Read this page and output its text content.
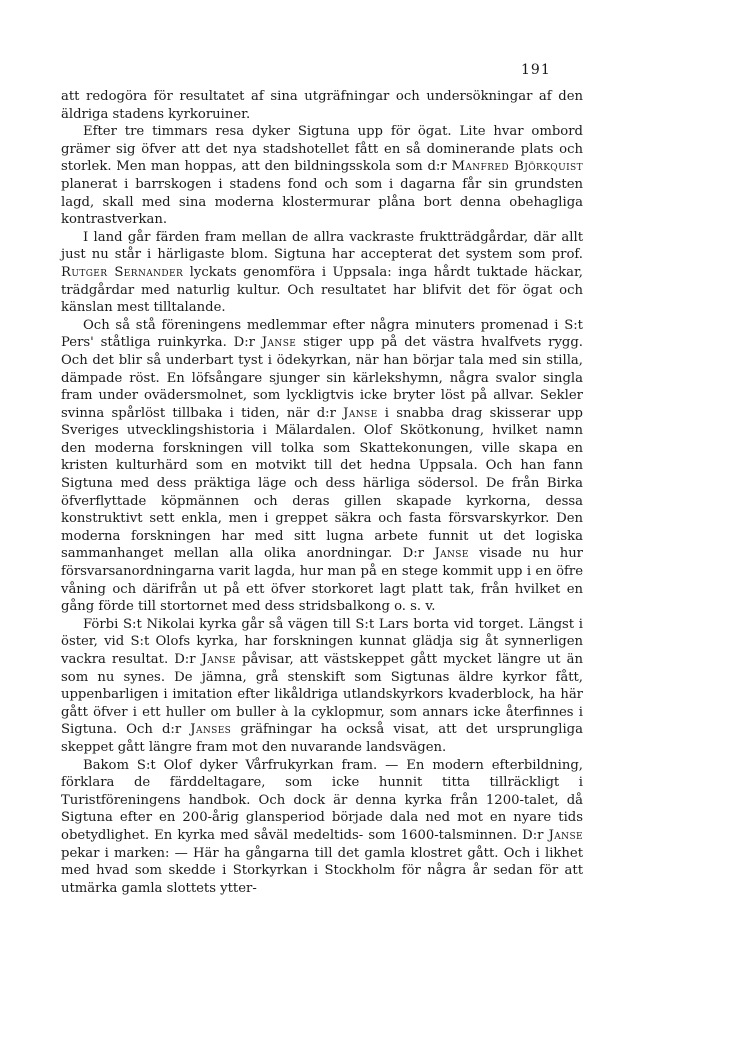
191

att redogöra för resultatet af sina utgräfningar och undersökningar af den äldriga stadens kyrkoruiner.

Efter tre timmars resa dyker Sigtuna upp för ögat. Lite hvar ombord grämer sig öfver att det nya stadshotellet fått en så dominerande plats och storlek. Men man hoppas, att den bildningsskola som d:r Manfred Björkquist planerat i barrskogen i stadens fond och som i dagarna får sin grundsten lagd, skall med sina moderna klostermurar plåna bort denna obehagliga kontrastverkan.

I land går färden fram mellan de allra vackraste fruktträdgårdar, där allt just nu står i härligaste blom. Sigtuna har accepterat det system som prof. Rutger Sernander lyckats genomföra i Uppsala: inga hårdt tuktade häckar, trädgårdar med naturlig kultur. Och resultatet har blifvit det för ögat och känslan mest tilltalande.

Och så stå föreningens medlemmar efter några minuters promenad i S:t Pers' ståtliga ruinkyrka. D:r Janse stiger upp på det västra hvalfvets rygg. Och det blir så underbart tyst i ödekyrkan, när han börjar tala med sin stilla, dämpade röst. En löfsångare sjunger sin kärlekshymn, några svalor singla fram under ovädersmolnet, som lyckligtvis icke bryter löst på allvar. Sekler svinna spårlöst tillbaka i tiden, när d:r Janse i snabba drag skisserar upp Sveriges utvecklingshistoria i Mälardalen. Olof Skötkonung, hvilket namn den moderna forskningen vill tolka som Skattekonungen, ville skapa en kristen kulturhärd som en motvikt till det hedna Uppsala. Och han fann Sigtuna med dess präktiga läge och dess härliga södersol. De från Birka öfverflyttade köpmännen och deras gillen skapade kyrkorna, dessa konstruktivt sett enkla, men i greppet säkra och fasta försvarskyrkor. Den moderna forskningen har med sitt lugna arbete funnit ut det logiska sammanhanget mellan alla olika anordningar. D:r Janse visade nu hur försvarsanordningarna varit lagda, hur man på en stege kommit upp i en öfre våning och därifrån ut på ett öfver storkoret lagt platt tak, från hvilket en gång förde till stortornet med dess stridsbalkong o. s. v.

Förbi S:t Nikolai kyrka går så vägen till S:t Lars borta vid torget. Längst i öster, vid S:t Olofs kyrka, har forskningen kunnat glädja sig åt synnerligen vackra resultat. D:r Janse påvisar, att västskeppet gått mycket längre ut än som nu synes. De jämna, grå stenskift som Sigtunas äldre kyrkor fått, uppenbarligen i imitation efter likåldriga utlandskyrkors kvaderblock, ha här gått öfver i ett huller om buller à la cyklopmur, som annars icke återfinnes i Sigtuna. Och d:r Janses gräfningar ha också visat, att det ursprungliga skeppet gått längre fram mot den nuvarande landsvägen.

Bakom S:t Olof dyker Vårfrukyrkan fram. — En modern efterbildning, förklara de färddeltagare, som icke hunnit titta tillräckligt i Turistföreningens handbok. Och dock är denna kyrka från 1200-talet, då Sigtuna efter en 200-årig glansperiod började dala ned mot en nyare tids obetydlighet. En kyrka med såväl medeltids- som 1600-talsminnen. D:r Janse pekar i marken: — Här ha gångarna till det gamla klostret gått. Och i likhet med hvad som skedde i Storkyrkan i Stockholm för några år sedan för att utmärka gamla slottets ytter-
